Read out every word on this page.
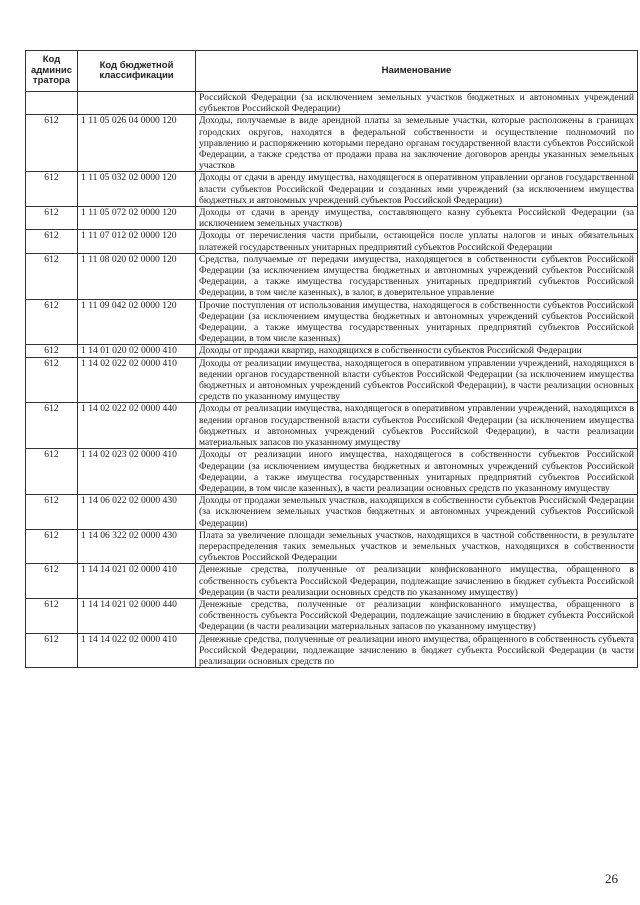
Код админис тратора	Код бюджетной классификации	Наименование
		Российской Федерации (за исключением земельных участков бюджетных и автономных учреждений субъектов Российской Федерации)
612	1 11 05 026 04 0000 120	Доходы, получаемые в виде арендной платы за земельные участки, которые расположены в границах городских округов, находятся в федеральной собственности и осуществление полномочий по управлению и распоряжению которыми передано органам государственной власти субъектов Российской Федерации, а также средства от продажи права на заключение договоров аренды указанных земельных участков
612	1 11 05 032 02 0000 120	Доходы от сдачи в аренду имущества, находящегося в оперативном управлении органов государственной власти субъектов Российской Федерации и созданных ими учреждений (за исключением имущества бюджетных и автономных учреждений субъектов Российской Федерации)
612	1 11 05 072 02 0000 120	Доходы от сдачи в аренду имущества, составляющего казну субъекта Российской Федерации (за исключением земельных участков)
612	1 11 07 012 02 0000 120	Доходы от перечисления части прибыли, остающейся после уплаты налогов и иных обязательных платежей государственных унитарных предприятий субъектов Российской Федерации
612	1 11 08 020 02 0000 120	Средства, получаемые от передачи имущества, находящегося в собственности субъектов Российской Федерации (за исключением имущества бюджетных и автономных учреждений субъектов Российской Федерации, а также имущества государственных унитарных предприятий субъектов Российской Федерации, в том числе казенных), в залог, в доверительное управление
612	1 11 09 042 02 0000 120	Прочие поступления от использования имущества, находящегося в собственности субъектов Российской Федерации (за исключением имущества бюджетных и автономных учреждений субъектов Российской Федерации, а также имущества государственных унитарных предприятий субъектов Российской Федерации, в том числе казенных)
612	1 14 01 020 02 0000 410	Доходы от продажи квартир, находящихся в собственности субъектов Российской Федерации
612	1 14 02 022 02 0000 410	Доходы от реализации имущества, находящегося в оперативном управлении учреждений, находящихся в ведении органов государственной власти субъектов Российской Федерации (за исключением имущества бюджетных и автономных учреждений субъектов Российской Федерации), в части реализации основных средств по указанному имуществу
612	1 14 02 022 02 0000 440	Доходы от реализации имущества, находящегося в оперативном управлении учреждений, находящихся в ведении органов государственной власти субъектов Российской Федерации (за исключением имущества бюджетных и автономных учреждений субъектов Российской Федерации), в части реализации материальных запасов по указанному имуществу
612	1 14 02 023 02 0000 410	Доходы от реализации иного имущества, находящегося в собственности субъектов Российской Федерации (за исключением имущества бюджетных и автономных учреждений субъектов Российской Федерации, а также имущества государственных унитарных предприятий субъектов Российской Федерации, в том числе казенных), в части реализации основных средств по указанному имуществу
612	1 14 06 022 02 0000 430	Доходы от продажи земельных участков, находящихся в собственности субъектов Российской Федерации (за исключением земельных участков бюджетных и автономных учреждений субъектов Российской Федерации)
612	1 14 06 322 02 0000 430	Плата за увеличение площади земельных участков, находящихся в частной собственности, в результате перераспределения таких земельных участков и земельных участков, находящихся в собственности субъектов Российской Федерации
612	1 14 14 021 02 0000 410	Денежные средства, полученные от реализации конфискованного имущества, обращенного в собственность субъекта Российской Федерации, подлежащие зачислению в бюджет субъекта Российской Федерации (в части реализации основных средств по указанному имуществу)
612	1 14 14 021 02 0000 440	Денежные средства, полученные от реализации конфискованного имущества, обращенного в собственность субъекта Российской Федерации, подлежащие зачислению в бюджет субъекта Российской Федерации (в части реализации материальных запасов по указанному имуществу)
612	1 14 14 022 02 0000 410	Денежные средства, полученные от реализации иного имущества, обращенного в собственность субъекта Российской Федерации, подлежащие зачислению в бюджет субъекта Российской Федерации (в части реализации основных средств по
26
